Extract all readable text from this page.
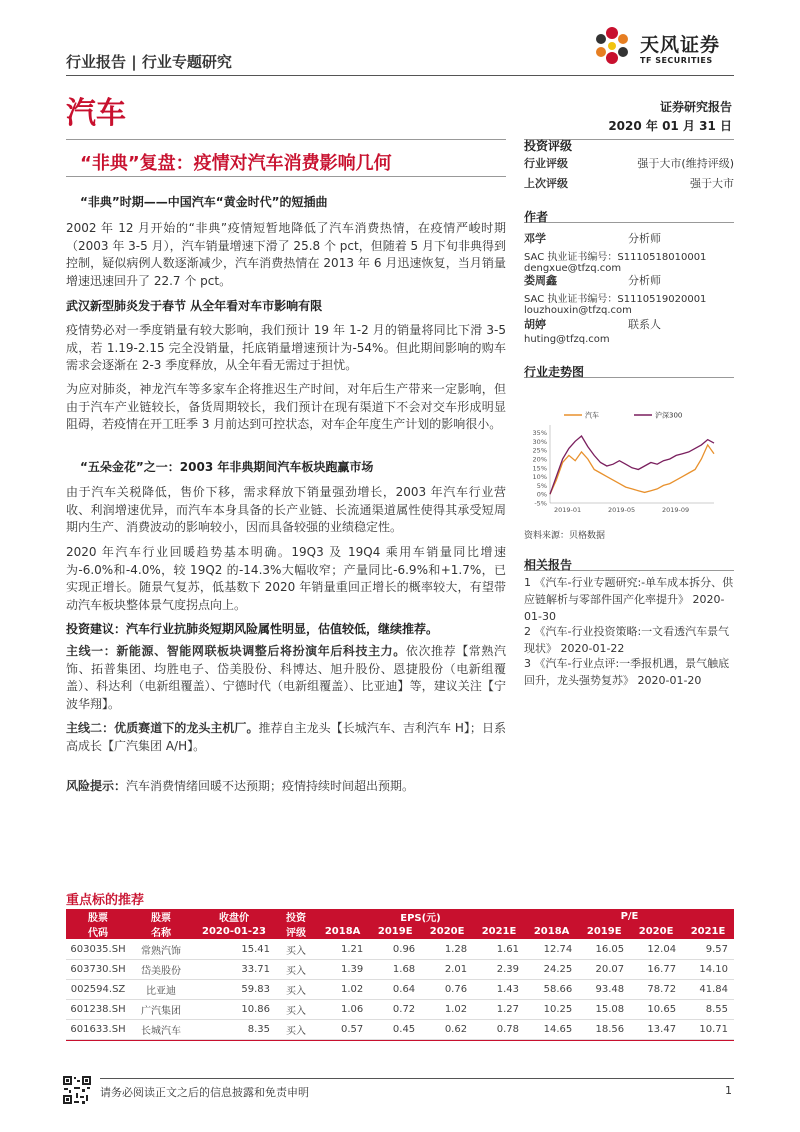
天风证券
TF SECURITIES
行业报告 | 行业专题研究
汽车	证券研究报告
2020 年 01 月 31 日
“非典”复盘：疫情对汽车消费影响几何
“非典”时期——中国汽车“黄金时代”的短插曲
2002 年 12 月开始的“非典”疫情短暂地降低了汽车消费热情，在疫情严峻时期（2003 年 3-5 月），汽车销量增速下滑了 25.8 个 pct，但随着 5 月下旬非典得到控制，疑似病例人数逐渐减少，汽车消费热情在 2013 年 6 月迅速恢复，当月销量增速迅速回升了 22.7 个 pct。
武汉新型肺炎发于春节 从全年看对车市影响有限
疫情势必对一季度销量有较大影响，我们预计 19 年 1-2 月的销量将同比下滑 3-5 成，若 1.19-2.15 完全没销量，托底销量增速预计为-54%。但此期间影响的购车需求会逐渐在 2-3 季度释放，从全年看无需过于担忧。
为应对肺炎，神龙汽车等多家车企将推迟生产时间，对年后生产带来一定影响，但由于汽车产业链较长，备货周期较长，我们预计在现有渠道下不会对交车形成明显阻碍，若疫情在开工旺季 3 月前达到可控状态，对车企年度生产计划的影响很小。
“五朵金花”之一：2003 年非典期间汽车板块跑赢市场
由于汽车关税降低，售价下移，需求释放下销量强劲增长，2003 年汽车行业营收、利润增速优异，而汽车本身具备的长产业链、长流通渠道属性使得其承受短周期内生产、消费波动的影响较小，因而具备较强的业绩稳定性。
2020 年汽车行业回暖趋势基本明确。19Q3 及 19Q4 乘用车销量同比增速为-6.0%和-4.0%，较 19Q2 的-14.3%大幅收窄；产量同比-6.9%和+1.7%，已实现正增长。随景气复苏，低基数下 2020 年销量重回正增长的概率较大，有望带动汽车板块整体景气度拐点向上。
投资建议：汽车行业抗肺炎短期风险属性明显，估值较低，继续推荐。
主线一：新能源、智能网联板块调整后将扮演年后科技主力。依次推荐【常熟汽饰、拓普集团、均胜电子、岱美股份、科博达、旭升股份、恩捷股份（电新组覆盖）、科达利（电新组覆盖）、宁德时代（电新组覆盖）、比亚迪】等，建议关注【宁波华翔】。
主线二：优质赛道下的龙头主机厂。推荐自主龙头【长城汽车、吉利汽车 H】；日系高成长【广汽集团 A/H】。
风险提示：汽车消费情绪回暖不达预期；疫情持续时间超出预期。
投资评级
行业评级	强于大市(维持评级)
上次评级	强于大市
作者
邓学	分析师
SAC 执业证书编号：S1110518010001
dengxue@tfzq.com
娄周鑫	分析师
SAC 执业证书编号：S1110519020001
louzhouxin@tfzq.com
胡婷	联系人
huting@tfzq.com
行业走势图
汽车	沪深300
35%
30%
25%
20%
15%
10%
5%
0%
-5%
2019-01	2019-05	2019-09
资料来源：贝格数据
相关报告
1 《汽车-行业专题研究:-单车成本拆分、供应链解析与零部件国产化率提升》 2020-01-30
2 《汽车-行业投资策略:一文看透汽车景气现状》 2020-01-22
3 《汽车-行业点评:一季报机遇，景气触底回升，龙头强势复苏》 2020-01-20
重点标的推荐
股票	股票	收盘价	投资	EPS(元)				P/E			
代码	名称	2020-01-23	评级	2018A	2019E	2020E	2021E	2018A	2019E	2020E	2021E
603035.SH	常熟汽饰	15.41	买入	1.21	0.96	1.28	1.61	12.74	16.05	12.04	9.57
603730.SH	岱美股份	33.71	买入	1.39	1.68	2.01	2.39	24.25	20.07	16.77	14.10
002594.SZ	比亚迪	59.83	买入	1.02	0.64	0.76	1.43	58.66	93.48	78.72	41.84
601238.SH	广汽集团	10.86	买入	1.06	0.72	1.02	1.27	10.25	15.08	10.65	8.55
601633.SH	长城汽车	8.35	买入	0.57	0.45	0.62	0.78	14.65	18.56	13.47	10.71
请务必阅读正文之后的信息披露和免责申明	1
